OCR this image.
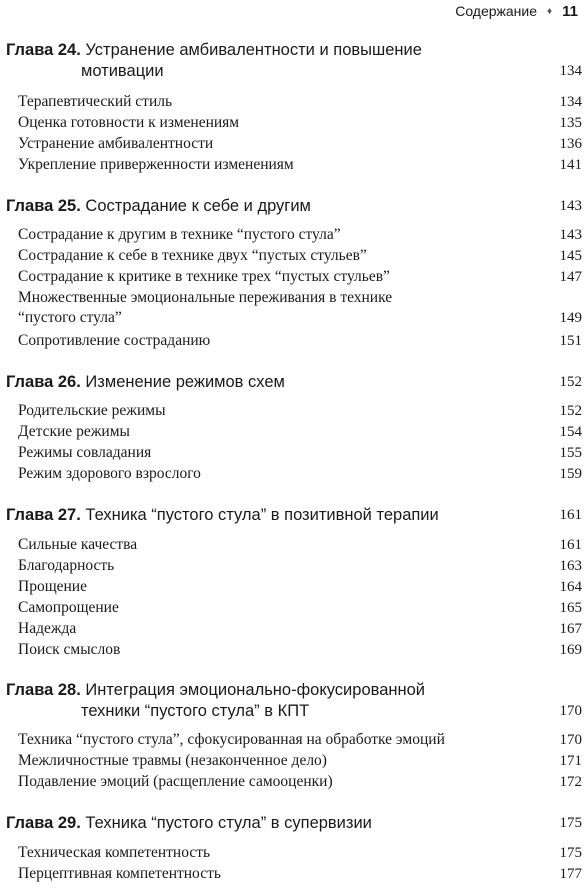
Содержание ♦ 11
Глава 24. Устранение амбивалентности и повышение
мотивации	134
Терапевтический стиль	134
Оценка готовности к изменениям	135
Устранение амбивалентности	136
Укрепление приверженности изменениям	141
Глава 25. Сострадание к себе и другим	143
Сострадание к другим в технике “пустого стула”	143
Сострадание к себе в технике двух “пустых стульев”	145
Сострадание к критике в технике трех “пустых стульев”	147
Множественные эмоциональные переживания в технике
“пустого стула”	149
Сопротивление состраданию	151
Глава 26. Изменение режимов схем	152
Родительские режимы	152
Детские режимы	154
Режимы совладания	155
Режим здорового взрослого	159
Глава 27. Техника “пустого стула” в позитивной терапии	161
Сильные качества	161
Благодарность	163
Прощение	164
Самопрощение	165
Надежда	167
Поиск смыслов	169
Глава 28. Интеграция эмоционально-фокусированной
техники “пустого стула” в КПТ	170
Техника “пустого стула”, сфокусированная на обработке эмоций	170
Межличностные травмы (незаконченное дело)	171
Подавление эмоций (расщепление самооценки)	172
Глава 29. Техника “пустого стула” в супервизии	175
Техническая компетентность	175
Перцептивная компетентность	177
